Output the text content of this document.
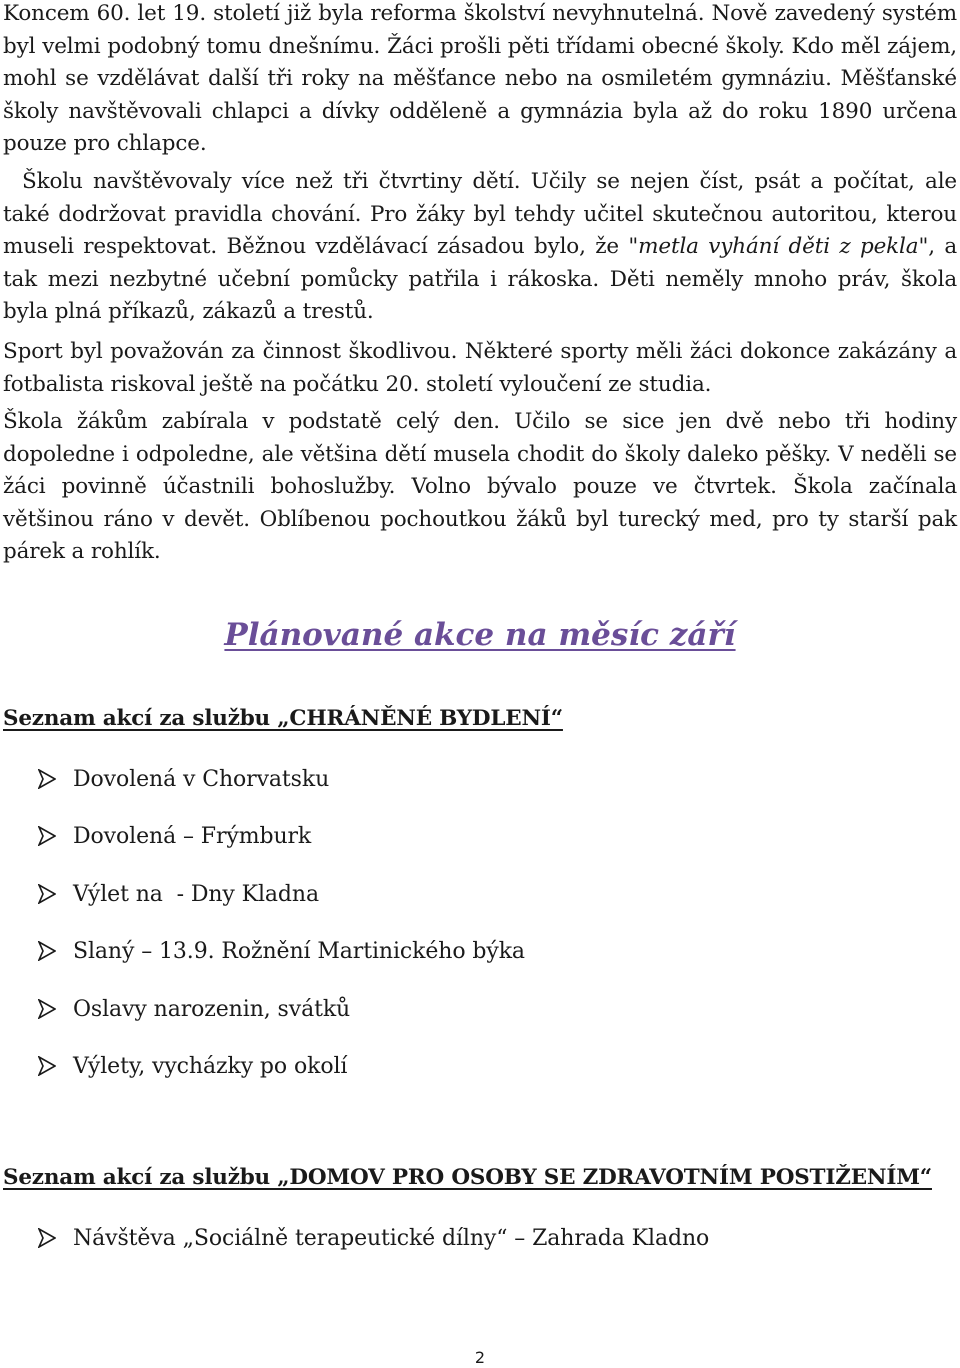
Koncem 60. let 19. století již byla reforma školství nevyhnutelná. Nově zavedený systém byl velmi podobný tomu dnešnímu. Žáci prošli pěti třídami obecné školy. Kdo měl zájem, mohl se vzdělávat další tři roky na měšťance nebo na osmiletém gymnáziu. Měšťanské školy navštěvovali chlapci a dívky odděleně a gymnázia byla až do roku 1890 určena pouze pro chlapce.

Školu navštěvovaly více než tři čtvrtiny dětí. Učily se nejen číst, psát a počítat, ale také dodržovat pravidla chování. Pro žáky byl tehdy učitel skutečnou autoritou, kterou museli respektovat. Běžnou vzdělávací zásadou bylo, že "metla vyhání děti z pekla", a tak mezi nezbytné učební pomůcky patřila i rákoska. Děti neměly mnoho práv, škola byla plná příkazů, zákazů a trestů.

Sport byl považován za činnost škodlivou. Některé sporty měli žáci dokonce zakázány a fotbalista riskoval ještě na počátku 20. století vyloučení ze studia.

Škola žákům zabírala v podstatě celý den. Učilo se sice jen dvě nebo tři hodiny dopoledne i odpoledne, ale většina dětí musela chodit do školy daleko pěšky. V neděli se žáci povinně účastnili bohoslužby. Volno bývalo pouze ve čtvrtek. Škola začínala většinou ráno v devět. Oblíbenou pochoutkou žáků byl turecký med, pro ty starší pak párek a rohlík.

Plánované akce na měsíc září
Seznam akcí za službu „CHRÁNĚNÉ BYDLENÍ“
Dovolená v Chorvatsku
Dovolená – Frýmburk
Výlet na  - Dny Kladna
Slaný – 13.9. Rožnění Martinického býka
Oslavy narozenin, svátků
Výlety, vycházky po okolí
Seznam akcí za službu „DOMOV PRO OSOBY SE ZDRAVOTNÍM POSTIŽENÍM“
Návštěva „Sociálně terapeutické dílny“ – Zahrada Kladno
2
